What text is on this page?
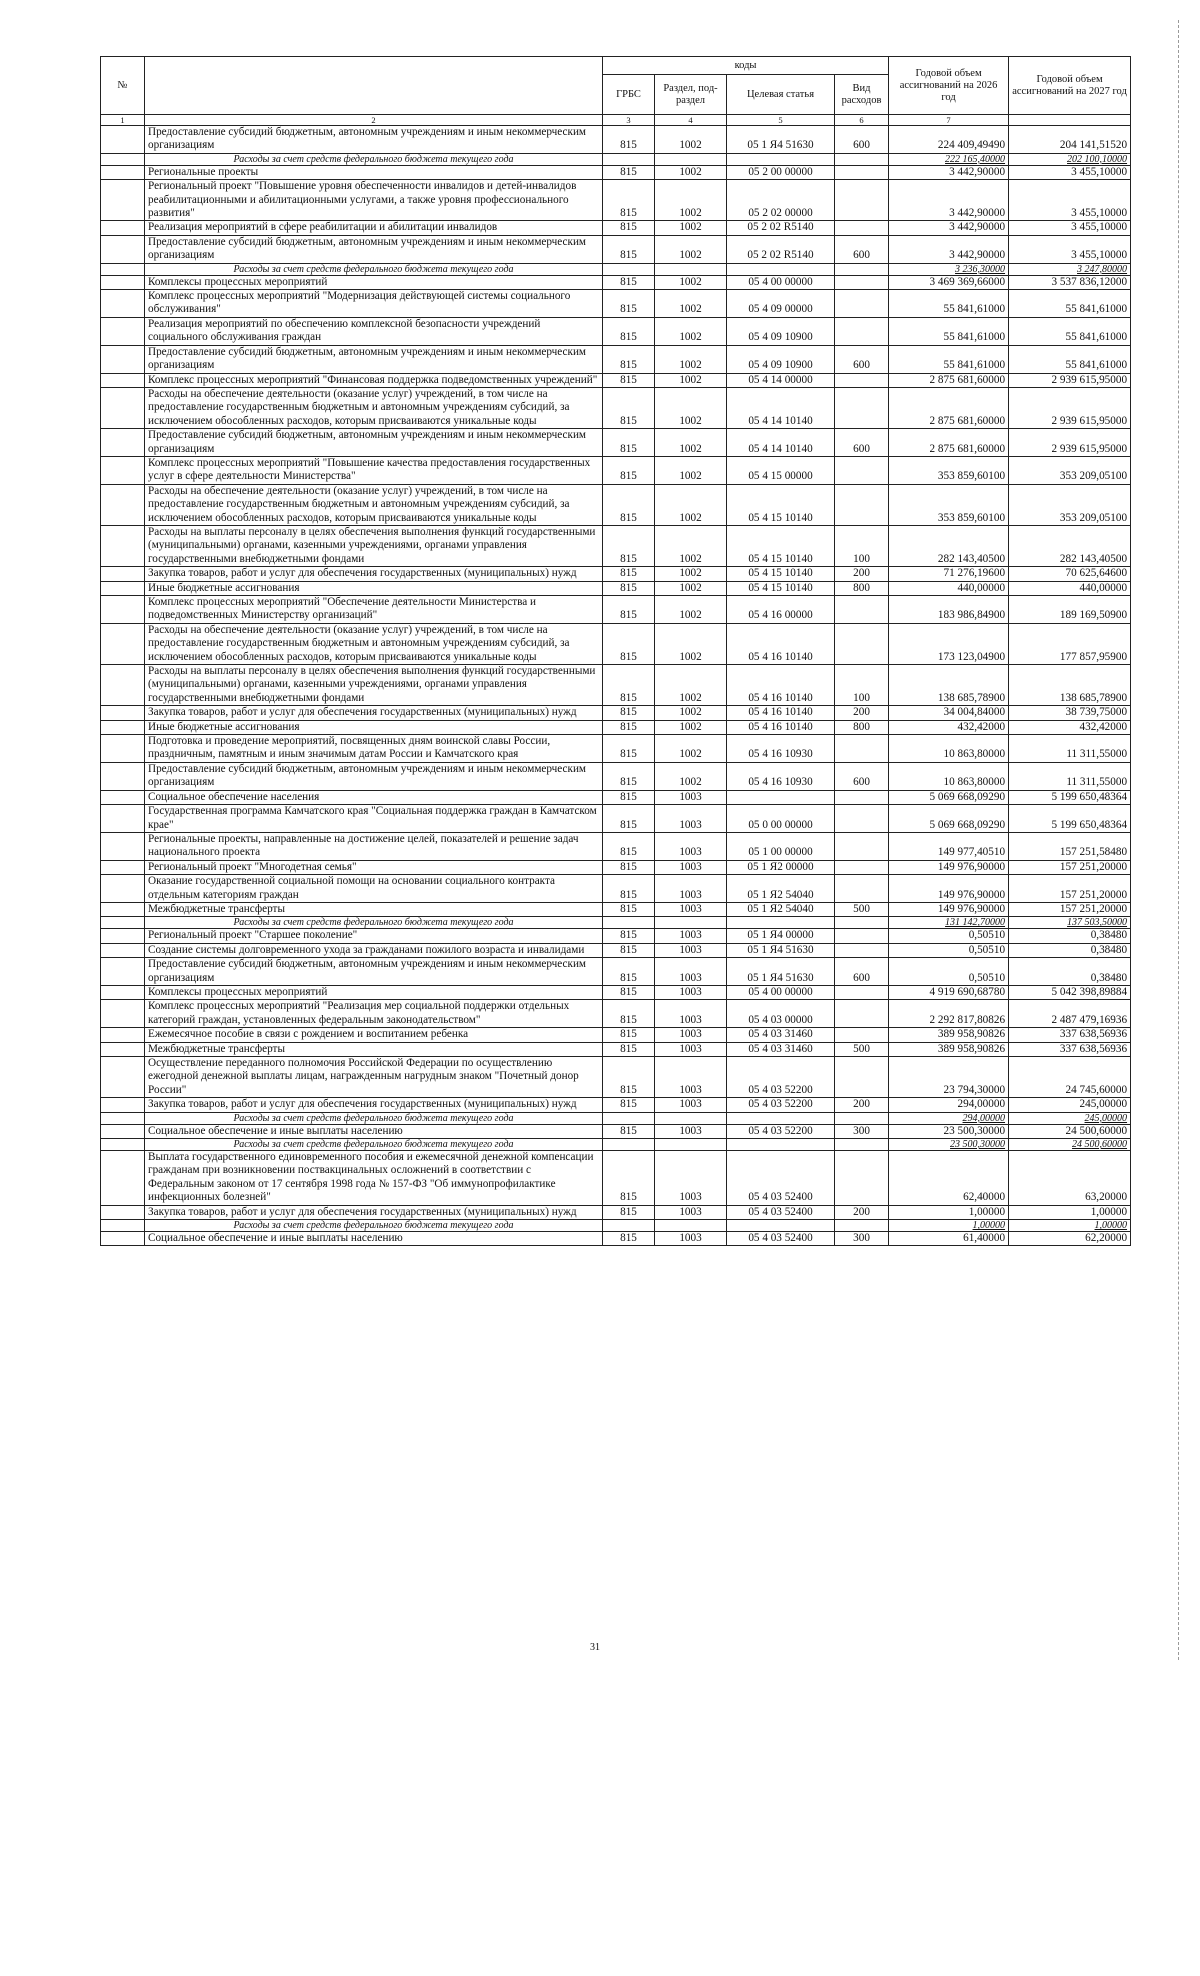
№		коды				Годовой объем ассигнований на 2026 год	Годовой объем ассигнований на 2027 год
		ГРБС	Раздел, под-раздел	Целевая статья	Вид расходов		
1	2	3	4	5	6	7	
	Предоставление субсидий бюджетным, автономным учреждениям и иным некоммерческим организациям	815	1002	05 1 Я4 51630	600	224 409,49490	204 141,51520
	Расходы за счет средств федерального бюджета текущего года					222 165,40000	202 100,10000
	Региональные проекты	815	1002	05 2 00 00000		3 442,90000	3 455,10000
	Региональный проект "Повышение уровня обеспеченности инвалидов и детей-инвалидов реабилитационными и абилитационными услугами, а также уровня профессионального развития"	815	1002	05 2 02 00000		3 442,90000	3 455,10000
	Реализация мероприятий в сфере реабилитации и абилитации инвалидов	815	1002	05 2 02 R5140		3 442,90000	3 455,10000
	Предоставление субсидий бюджетным, автономным учреждениям и иным некоммерческим организациям	815	1002	05 2 02 R5140	600	3 442,90000	3 455,10000
	Расходы за счет средств федерального бюджета текущего года					3 236,30000	3 247,80000
	Комплексы процессных мероприятий	815	1002	05 4 00 00000		3 469 369,66000	3 537 836,12000
	Комплекс процессных мероприятий "Модернизация действующей системы социального обслуживания"	815	1002	05 4 09 00000		55 841,61000	55 841,61000
	Реализация мероприятий по обеспечению комплексной безопасности учреждений социального обслуживания граждан	815	1002	05 4 09 10900		55 841,61000	55 841,61000
	Предоставление субсидий бюджетным, автономным учреждениям и иным некоммерческим организациям	815	1002	05 4 09 10900	600	55 841,61000	55 841,61000
	Комплекс процессных мероприятий "Финансовая поддержка подведомственных учреждений"	815	1002	05 4 14 00000		2 875 681,60000	2 939 615,95000
	Расходы на обеспечение деятельности (оказание услуг) учреждений, в том числе на предоставление государственным бюджетным и автономным учреждениям субсидий, за исключением обособленных расходов, которым присваиваются уникальные коды	815	1002	05 4 14 10140		2 875 681,60000	2 939 615,95000
	Предоставление субсидий бюджетным, автономным учреждениям и иным некоммерческим организациям	815	1002	05 4 14 10140	600	2 875 681,60000	2 939 615,95000
	Комплекс процессных мероприятий "Повышение качества предоставления государственных услуг в сфере деятельности Министерства"	815	1002	05 4 15 00000		353 859,60100	353 209,05100
	Расходы на обеспечение деятельности (оказание услуг) учреждений, в том числе на предоставление государственным бюджетным и автономным учреждениям субсидий, за исключением обособленных расходов, которым присваиваются уникальные коды	815	1002	05 4 15 10140		353 859,60100	353 209,05100
	Расходы на выплаты персоналу в целях обеспечения выполнения функций государственными (муниципальными) органами, казенными учреждениями, органами управления государственными внебюджетными фондами	815	1002	05 4 15 10140	100	282 143,40500	282 143,40500
	Закупка товаров, работ и услуг для обеспечения государственных (муниципальных) нужд	815	1002	05 4 15 10140	200	71 276,19600	70 625,64600
	Иные бюджетные ассигнования	815	1002	05 4 15 10140	800	440,00000	440,00000
	Комплекс процессных мероприятий "Обеспечение деятельности Министерства и подведомственных Министерству организаций"	815	1002	05 4 16 00000		183 986,84900	189 169,50900
	Расходы на обеспечение деятельности (оказание услуг) учреждений, в том числе на предоставление государственным бюджетным и автономным учреждениям субсидий, за исключением обособленных расходов, которым присваиваются уникальные коды	815	1002	05 4 16 10140		173 123,04900	177 857,95900
	Расходы на выплаты персоналу в целях обеспечения выполнения функций государственными (муниципальными) органами, казенными учреждениями, органами управления государственными внебюджетными фондами	815	1002	05 4 16 10140	100	138 685,78900	138 685,78900
	Закупка товаров, работ и услуг для обеспечения государственных (муниципальных) нужд	815	1002	05 4 16 10140	200	34 004,84000	38 739,75000
	Иные бюджетные ассигнования	815	1002	05 4 16 10140	800	432,42000	432,42000
	Подготовка и проведение мероприятий, посвященных дням воинской славы России, праздничным, памятным и иным значимым датам России и Камчатского края	815	1002	05 4 16 10930		10 863,80000	11 311,55000
	Предоставление субсидий бюджетным, автономным учреждениям и иным некоммерческим организациям	815	1002	05 4 16 10930	600	10 863,80000	11 311,55000
	Социальное обеспечение населения	815	1003			5 069 668,09290	5 199 650,48364
	Государственная программа Камчатского края "Социальная поддержка граждан в Камчатском крае"	815	1003	05 0 00 00000		5 069 668,09290	5 199 650,48364
	Региональные проекты, направленные на достижение целей, показателей и решение задач национального проекта	815	1003	05 1 00 00000		149 977,40510	157 251,58480
	Региональный проект "Многодетная семья"	815	1003	05 1 Я2 00000		149 976,90000	157 251,20000
	Оказание государственной социальной помощи на основании социального контракта отдельным категориям граждан	815	1003	05 1 Я2 54040		149 976,90000	157 251,20000
	Межбюджетные трансферты	815	1003	05 1 Я2 54040	500	149 976,90000	157 251,20000
	Расходы за счет средств федерального бюджета текущего года					131 142,70000	137 503,50000
	Региональный проект "Старшее поколение"	815	1003	05 1 Я4 00000		0,50510	0,38480
	Создание системы долговременного ухода за гражданами пожилого возраста и инвалидами	815	1003	05 1 Я4 51630		0,50510	0,38480
	Предоставление субсидий бюджетным, автономным учреждениям и иным некоммерческим организациям	815	1003	05 1 Я4 51630	600	0,50510	0,38480
	Комплексы процессных мероприятий	815	1003	05 4 00 00000		4 919 690,68780	5 042 398,89884
	Комплекс процессных мероприятий "Реализация мер социальной поддержки отдельных категорий граждан, установленных федеральным законодательством"	815	1003	05 4 03 00000		2 292 817,80826	2 487 479,16936
	Ежемесячное пособие в связи с рождением и воспитанием ребенка	815	1003	05 4 03 31460		389 958,90826	337 638,56936
	Межбюджетные трансферты	815	1003	05 4 03 31460	500	389 958,90826	337 638,56936
	Осуществление переданного полномочия Российской Федерации по осуществлению ежегодной денежной выплаты лицам, награжденным нагрудным знаком "Почетный донор России"	815	1003	05 4 03 52200		23 794,30000	24 745,60000
	Закупка товаров, работ и услуг для обеспечения государственных (муниципальных) нужд	815	1003	05 4 03 52200	200	294,00000	245,00000
	Расходы за счет средств федерального бюджета текущего года					294,00000	245,00000
	Социальное обеспечение и иные выплаты населению	815	1003	05 4 03 52200	300	23 500,30000	24 500,60000
	Расходы за счет средств федерального бюджета текущего года					23 500,30000	24 500,60000
	Выплата государственного единовременного пособия и ежемесячной денежной компенсации гражданам при возникновении поствакцинальных осложнений в соответствии с Федеральным законом от 17 сентября 1998 года № 157-ФЗ "Об иммунопрофилактике инфекционных болезней"	815	1003	05 4 03 52400		62,40000	63,20000
	Закупка товаров, работ и услуг для обеспечения государственных (муниципальных) нужд	815	1003	05 4 03 52400	200	1,00000	1,00000
	Расходы за счет средств федерального бюджета текущего года					1,00000	1,00000
	Социальное обеспечение и иные выплаты населению	815	1003	05 4 03 52400	300	61,40000	62,20000
31
